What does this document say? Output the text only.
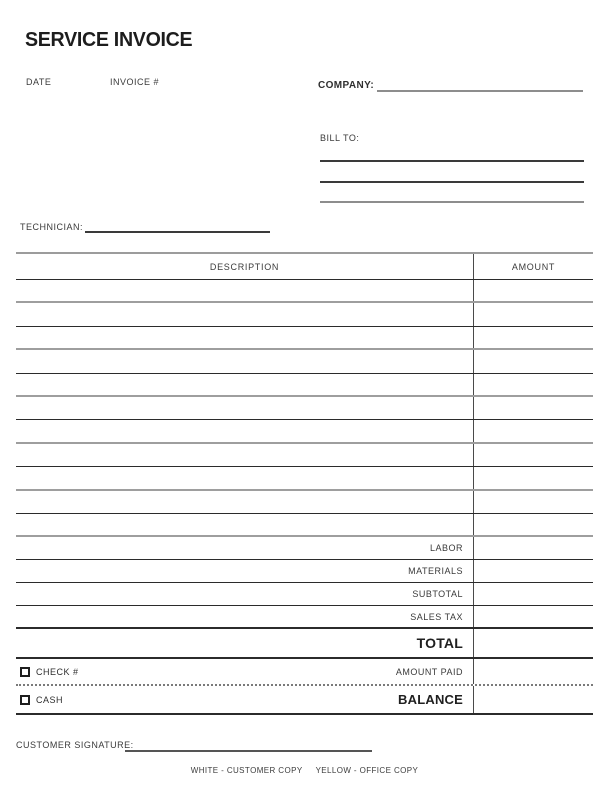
SERVICE INVOICE
DATE	INVOICE #	COMPANY:
BILL TO:
TECHNICIAN:
DESCRIPTION	AMOUNT
LABOR
MATERIALS
SUBTOTAL
SALES TAX
TOTAL
CHECK #	AMOUNT PAID
CASH	BALANCE
CUSTOMER SIGNATURE:
WHITE - CUSTOMER COPY YELLOW - OFFICE COPY
